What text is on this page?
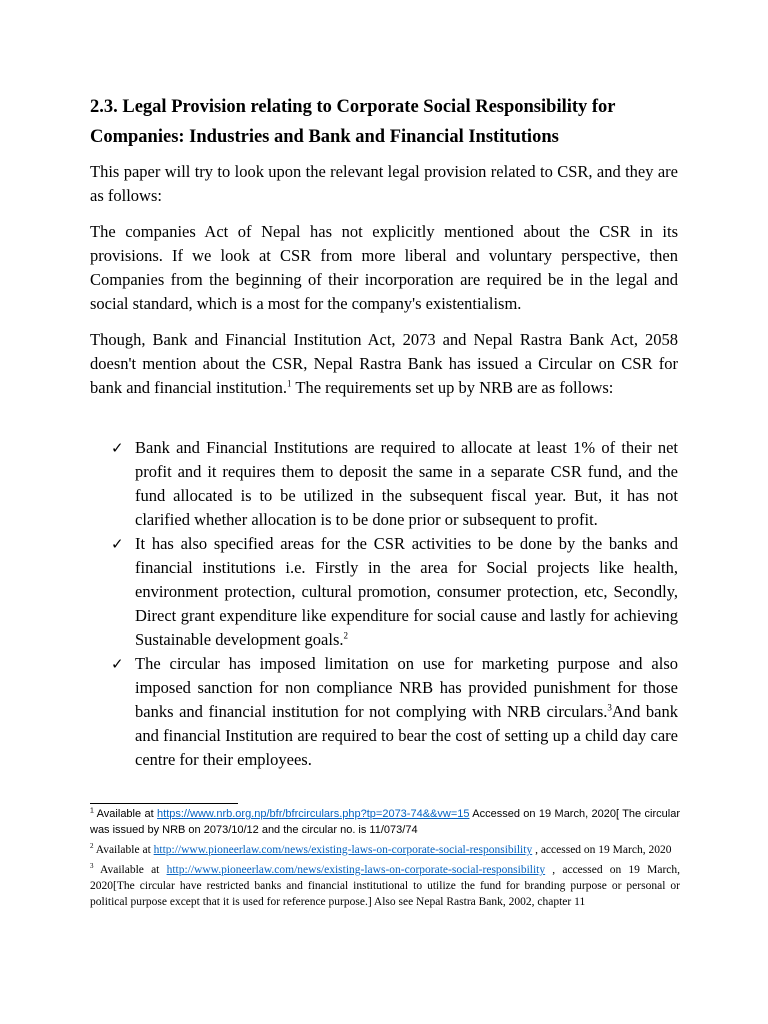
2.3. Legal Provision relating to Corporate Social Responsibility for Companies: Industries and Bank and Financial Institutions
This paper will try to look upon the relevant legal provision related to CSR, and they are as follows:
The companies Act of Nepal has not explicitly mentioned about the CSR in its provisions. If we look at CSR from more liberal and voluntary perspective, then Companies from the beginning of their incorporation are required be in the legal and social standard, which is a most for the company's existentialism.
Though, Bank and Financial Institution Act, 2073 and Nepal Rastra Bank Act, 2058 doesn't mention about the CSR, Nepal Rastra Bank has issued a Circular on CSR for bank and financial institution.$^1$ The requirements set up by NRB are as follows:
✓ Bank and Financial Institutions are required to allocate at least 1% of their net profit and it requires them to deposit the same in a separate CSR fund, and the fund allocated is to be utilized in the subsequent fiscal year. But, it has not clarified whether allocation is to be done prior or subsequent to profit.
✓ It has also specified areas for the CSR activities to be done by the banks and financial institutions i.e. Firstly in the area for Social projects like health, environment protection, cultural promotion, consumer protection, etc, Secondly, Direct grant expenditure like expenditure for social cause and lastly for achieving Sustainable development goals.$^2$
✓ The circular has imposed limitation on use for marketing purpose and also imposed sanction for non compliance NRB has provided punishment for those banks and financial institution for not complying with NRB circulars.$^3$And bank and financial Institution are required to bear the cost of setting up a child day care centre for their employees.
$^1$ Available at https://www.nrb.org.np/bfr/bfrcirculars.php?tp=2073-74&&vw=15 Accessed on 19 March, 2020[ The circular was issued by NRB on 2073/10/12 and the circular no. is 11/073/74
$^2$ Available at http://www.pioneerlaw.com/news/existing-laws-on-corporate-social-responsibility , accessed on 19 March, 2020
$^3$ Available at http://www.pioneerlaw.com/news/existing-laws-on-corporate-social-responsibility , accessed on 19 March, 2020[The circular have restricted banks and financial institutional to utilize the fund for branding purpose or personal or political purpose except that it is used for reference purpose.] Also see Nepal Rastra Bank, 2002, chapter 11
